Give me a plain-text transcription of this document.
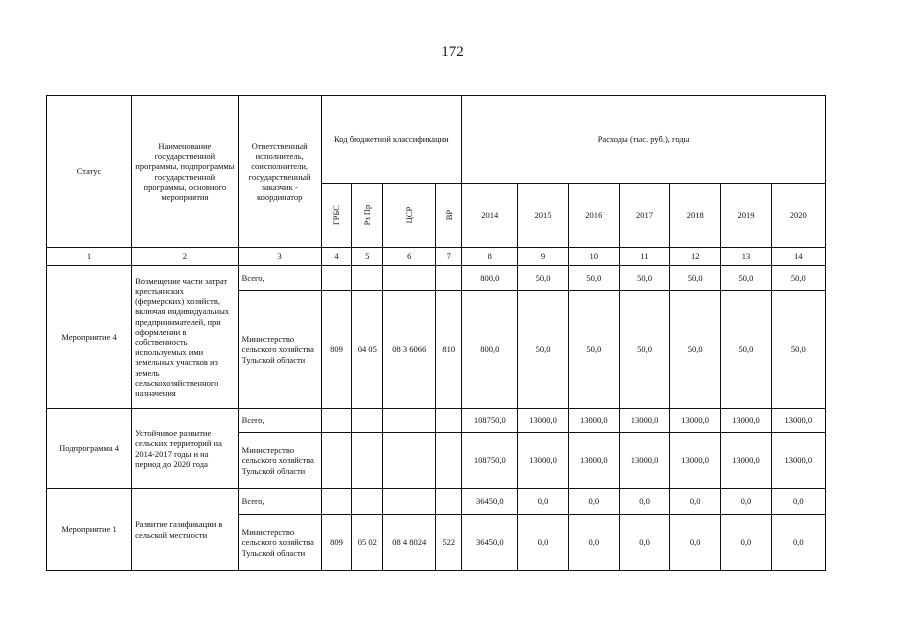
172
Статус	Наименование государственной программы, подпрограммы государственной программы, основного мероприятия	Ответственный исполнитель, соисполнители, государственный заказчик - координатор	Код бюджетной классификации				Расходы (тыс. руб.), годы						
			ГРБС	Рз Пр	ЦСР	ВР	2014	2015	2016	2017	2018	2019	2020
1	2	3	4	5	6	7	8	9	10	11	12	13	14
Мероприятие 4	Возмещение части затрат крестьянских (фермерских) хозяйств, включая индивидуальных предпринимателей, при оформлении в собственность используемых ими земельных участков из земель сельскохозяйственного назначения	Всего,					800,0	50,0	50,0	50,0	50,0	50,0	50,0
		Министерство сельского хозяйства Тульской области	809	04 05	08 3 6066	810	800,0	50,0	50,0	50,0	50,0	50,0	50,0
Подпрограмма 4	Устойчивое развитие сельских территорий на 2014-2017 годы и на период до 2020 года	Всего,					108750,0	13000,0	13000,0	13000,0	13000,0	13000,0	13000,0
		Министерство сельского хозяйства Тульской области					108750,0	13000,0	13000,0	13000,0	13000,0	13000,0	13000,0
Мероприятие 1	Развитие газификации в сельской местности	Всего,					36450,0	0,0	0,0	0,0	0,0	0,0	0,0
		Министерство сельского хозяйства Тульской области	809	05 02	08 4 8024	522	36450,0	0,0	0,0	0,0	0,0	0,0	0,0
